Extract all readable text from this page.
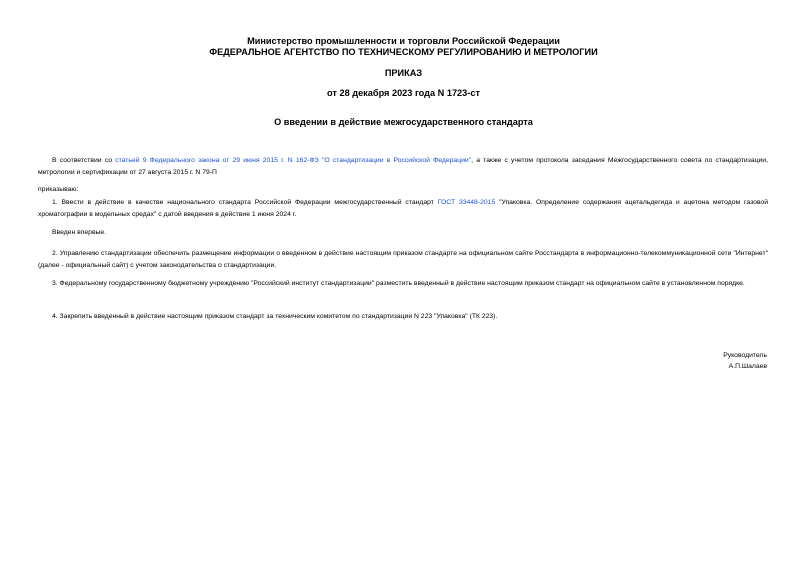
Министерство промышленности и торговли Российской Федерации
ФЕДЕРАЛЬНОЕ АГЕНТСТВО ПО ТЕХНИЧЕСКОМУ РЕГУЛИРОВАНИЮ И МЕТРОЛОГИИ
ПРИКАЗ
от 28 декабря 2023 года N 1723-ст
О введении в действие межгосударственного стандарта

В соответствии со статьей 9 Федерального закона от 29 июня 2015 г. N 162-ФЗ "О стандартизации в Российской Федерации", а также с учетом протокола заседания Межгосударственного совета по стандартизации, метрологии и сертификации от 27 августа 2015 г. N 79-П

приказываю:

1. Ввести в действие в качестве национального стандарта Российской Федерации межгосударственный стандарт ГОСТ 33448-2015 "Упаковка. Определение содержания ацетальдегида и ацетона методом газовой хроматографии в модельных средах" с датой введения в действие 1 июня 2024 г.

Введен впервые.

2. Управлению стандартизации обеспечить размещение информации о введенном в действие настоящим приказом стандарте на официальном сайте Росстандарта в информационно-телекоммуникационной сети "Интернет" (далее - официальный сайт) с учетом законодательства о стандартизации.

3. Федеральному государственному бюджетному учреждению "Российский институт стандартизации" разместить введенный в действие настоящим приказом стандарт на официальном сайте в установленном порядке.

4. Закрепить введенный в действие настоящим приказом стандарт за техническим комитетом по стандартизации N 223 "Упаковка" (ТК 223).

Руководитель
А.П.Шалаев
